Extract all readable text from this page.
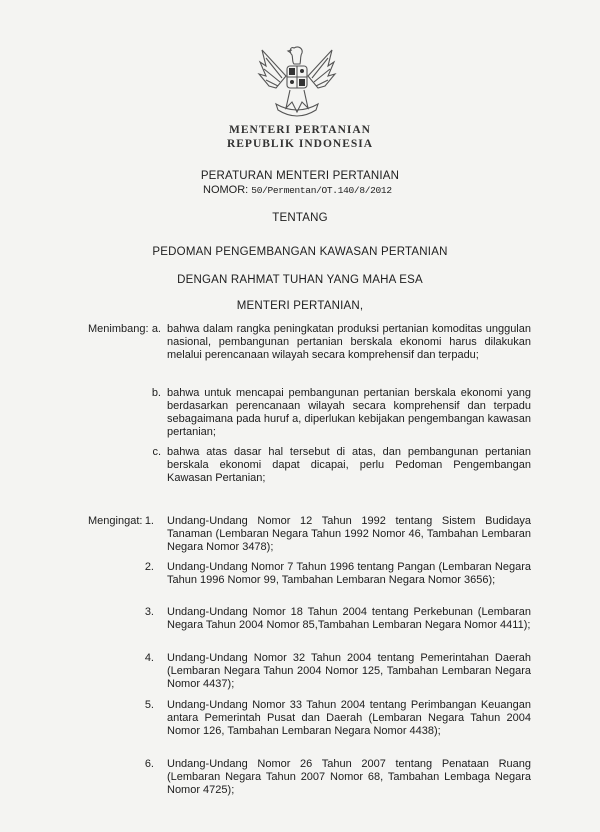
MENTERI PERTANIAN
REPUBLIK INDONESIA
PERATURAN MENTERI PERTANIAN
NOMOR: 50/Permentan/OT.140/8/2012
TENTANG
PEDOMAN PENGEMBANGAN KAWASAN PERTANIAN
DENGAN RAHMAT TUHAN YANG MAHA ESA
MENTERI PERTANIAN,
Menimbang: a. bahwa dalam rangka peningkatan produksi pertanian komoditas unggulan nasional, pembangunan pertanian berskala ekonomi harus dilakukan melalui perencanaan wilayah secara komprehensif dan terpadu;
b. bahwa untuk mencapai pembangunan pertanian berskala ekonomi yang berdasarkan perencanaan wilayah secara komprehensif dan terpadu sebagaimana pada huruf a, diperlukan kebijakan pengembangan kawasan pertanian;
c. bahwa atas dasar hal tersebut di atas, dan pembangunan pertanian berskala ekonomi dapat dicapai, perlu Pedoman Pengembangan Kawasan Pertanian;
Mengingat: 1. Undang-Undang Nomor 12 Tahun 1992 tentang Sistem Budidaya Tanaman (Lembaran Negara Tahun 1992 Nomor 46, Tambahan Lembaran Negara Nomor 3478);
2. Undang-Undang Nomor 7 Tahun 1996 tentang Pangan (Lembaran Negara Tahun 1996 Nomor 99, Tambahan Lembaran Negara Nomor 3656);
3. Undang-Undang Nomor 18 Tahun 2004 tentang Perkebunan (Lembaran Negara Tahun 2004 Nomor 85,Tambahan Lembaran Negara Nomor 4411);
4. Undang-Undang Nomor 32 Tahun 2004 tentang Pemerintahan Daerah (Lembaran Negara Tahun 2004 Nomor 125, Tambahan Lembaran Negara Nomor 4437);
5. Undang-Undang Nomor 33 Tahun 2004 tentang Perimbangan Keuangan antara Pemerintah Pusat dan Daerah (Lembaran Negara Tahun 2004 Nomor 126, Tambahan Lembaran Negara Nomor 4438);
6. Undang-Undang Nomor 26 Tahun 2007 tentang Penataan Ruang (Lembaran Negara Tahun 2007 Nomor 68, Tambahan Lembaga Negara Nomor 4725);
